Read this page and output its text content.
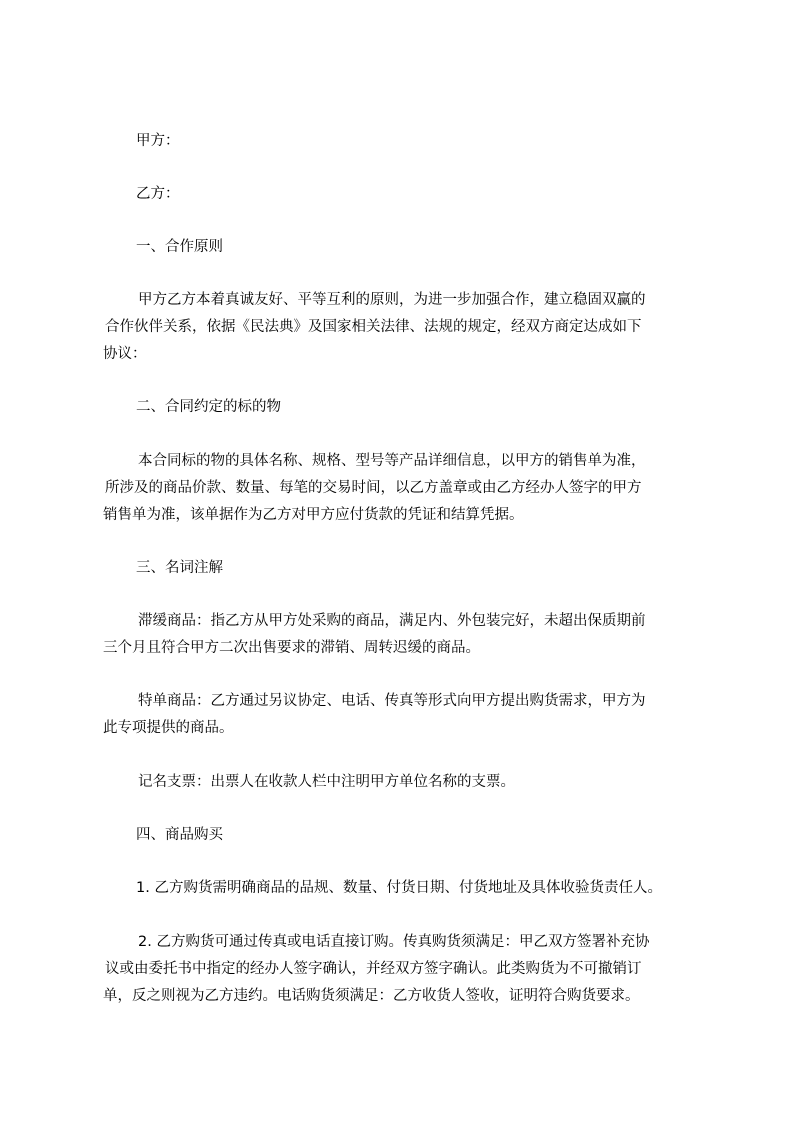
甲方：
乙方：
一、合作原则
甲方乙方本着真诚友好、平等互利的原则，为进一步加强合作，建立稳固双赢的
合作伙伴关系，依据《民法典》及国家相关法律、法规的规定，经双方商定达成如下
协议：
二、合同约定的标的物
本合同标的物的具体名称、规格、型号等产品详细信息，以甲方的销售单为准，
所涉及的商品价款、数量、每笔的交易时间，以乙方盖章或由乙方经办人签字的甲方
销售单为准，该单据作为乙方对甲方应付货款的凭证和结算凭据。
三、名词注解
滞缓商品：指乙方从甲方处采购的商品，满足内、外包装完好，未超出保质期前
三个月且符合甲方二次出售要求的滞销、周转迟缓的商品。
特单商品：乙方通过另议协定、电话、传真等形式向甲方提出购货需求，甲方为
此专项提供的商品。
记名支票：出票人在收款人栏中注明甲方单位名称的支票。
四、商品购买
1. 乙方购货需明确商品的品规、数量、付货日期、付货地址及具体收验货责任人。
2. 乙方购货可通过传真或电话直接订购。传真购货须满足：甲乙双方签署补充协
议或由委托书中指定的经办人签字确认，并经双方签字确认。此类购货为不可撤销订
单，反之则视为乙方违约。电话购货须满足：乙方收货人签收，证明符合购货要求。
